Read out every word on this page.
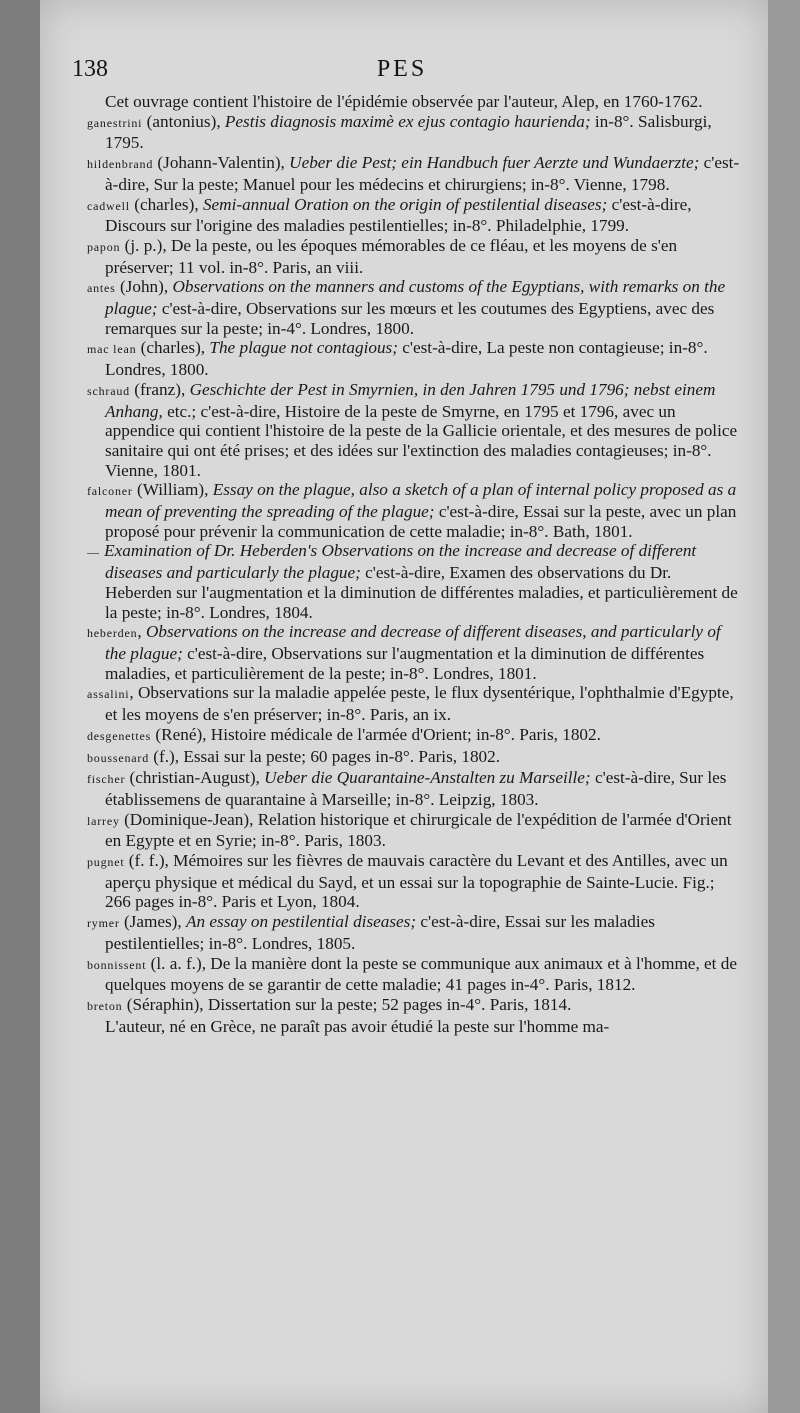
138	PES

Cet ouvrage contient l'histoire de l'épidémie observée par l'auteur, Alep, en 1760-1762.

ganestrini (antonius), Pestis diagnosis maximè ex ejus contagio haurienda; in-8°. Salisburgi, 1795.

hildenbrand (Johann-Valentin), Ueber die Pest; ein Handbuch fuer Aerzte und Wundaerzte; c'est-à-dire, Sur la peste; Manuel pour les médecins et chirurgiens; in-8°. Vienne, 1798.

cadwell (charles), Semi-annual Oration on the origin of pestilential diseases; c'est-à-dire, Discours sur l'origine des maladies pestilentielles; in-8°. Philadelphie, 1799.

papon (j. p.), De la peste, ou les époques mémorables de ce fléau, et les moyens de s'en préserver; 11 vol. in-8°. Paris, an viii.

antes (John), Observations on the manners and customs of the Egyptians, with remarks on the plague; c'est-à-dire, Observations sur les mœurs et les coutumes des Egyptiens, avec des remarques sur la peste; in-4°. Londres, 1800.

mac lean (charles), The plague not contagious; c'est-à-dire, La peste non contagieuse; in-8°. Londres, 1800.

schraud (franz), Geschichte der Pest in Smyrnien, in den Jahren 1795 und 1796; nebst einem Anhang, etc.; c'est-à-dire, Histoire de la peste de Smyrne, en 1795 et 1796, avec un appendice qui contient l'histoire de la peste de la Gallicie orientale, et des mesures de police sanitaire qui ont été prises; et des idées sur l'extinction des maladies contagieuses; in-8°. Vienne, 1801.

falconer (William), Essay on the plague, also a sketch of a plan of internal policy proposed as a mean of preventing the spreading of the plague; c'est-à-dire, Essai sur la peste, avec un plan proposé pour prévenir la communication de cette maladie; in-8°. Bath, 1801.

— Examination of Dr. Heberden's Observations on the increase and decrease of different diseases and particularly the plague; c'est-à-dire, Examen des observations du Dr. Heberden sur l'augmentation et la diminution de différentes maladies, et particulièrement de la peste; in-8°. Londres, 1804.

heberden, Observations on the increase and decrease of different diseases, and particularly of the plague; c'est-à-dire, Observations sur l'augmentation et la diminution de différentes maladies, et particulièrement de la peste; in-8°. Londres, 1801.

assalini, Observations sur la maladie appelée peste, le flux dysentérique, l'ophthalmie d'Egypte, et les moyens de s'en préserver; in-8°. Paris, an ix.

desgenettes (René), Histoire médicale de l'armée d'Orient; in-8°. Paris, 1802.

boussenard (f.), Essai sur la peste; 60 pages in-8°. Paris, 1802.

fischer (christian-August), Ueber die Quarantaine-Anstalten zu Marseille; c'est-à-dire, Sur les établissemens de quarantaine à Marseille; in-8°. Leipzig, 1803.

larrey (Dominique-Jean), Relation historique et chirurgicale de l'expédition de l'armée d'Orient en Egypte et en Syrie; in-8°. Paris, 1803.

pugnet (f. f.), Mémoires sur les fièvres de mauvais caractère du Levant et des Antilles, avec un aperçu physique et médical du Sayd, et un essai sur la topographie de Sainte-Lucie. Fig.; 266 pages in-8°. Paris et Lyon, 1804.

rymer (James), An essay on pestilential diseases; c'est-à-dire, Essai sur les maladies pestilentielles; in-8°. Londres, 1805.

bonnissent (l. a. f.), De la manière dont la peste se communique aux animaux et à l'homme, et de quelques moyens de se garantir de cette maladie; 41 pages in-4°. Paris, 1812.

breton (Séraphin), Dissertation sur la peste; 52 pages in-4°. Paris, 1814.

L'auteur, né en Grèce, ne paraît pas avoir étudié la peste sur l'homme ma-
